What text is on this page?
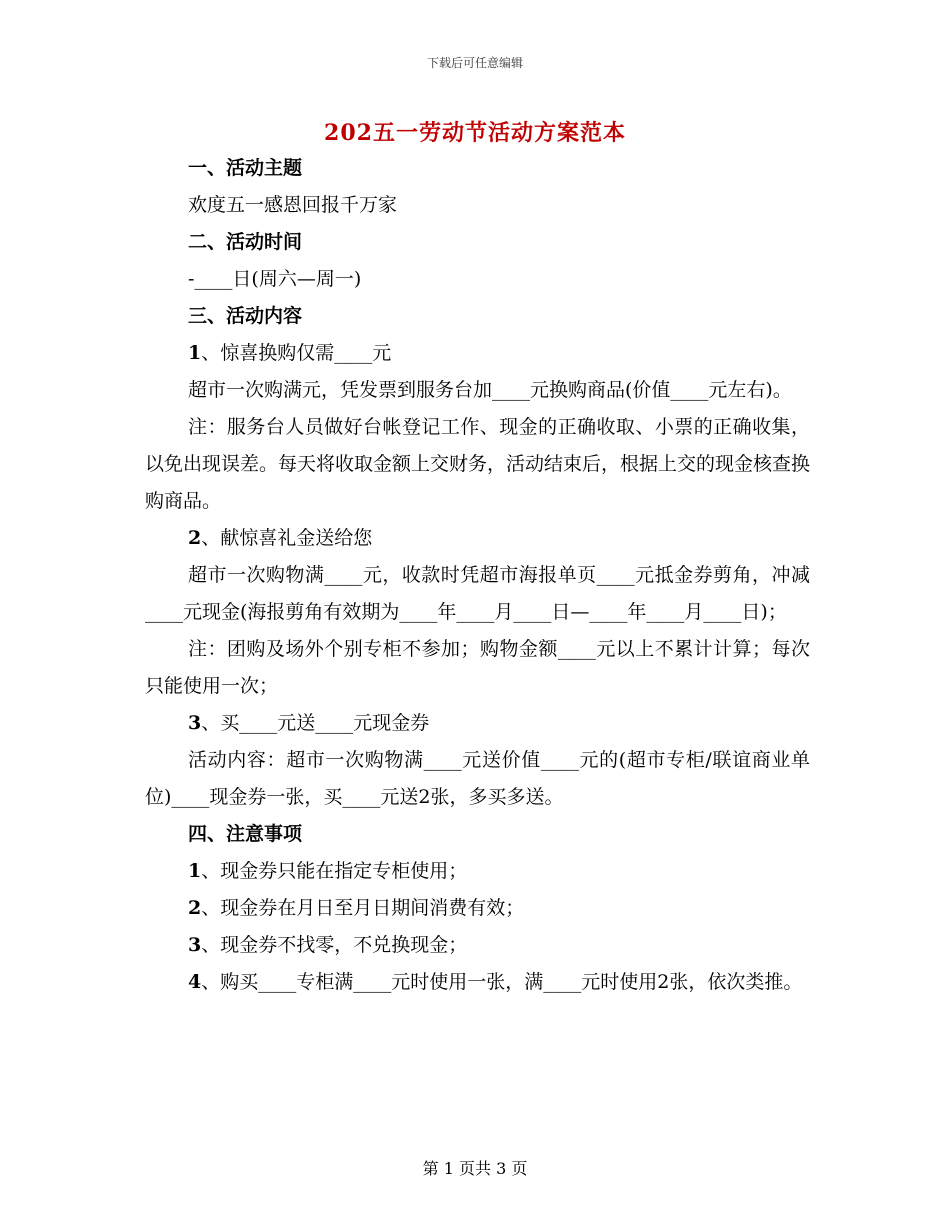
下载后可任意编辑
202五一劳动节活动方案范本

一、活动主题

欢度五一感恩回报千万家

二、活动时间

-____日(周六—周一)

三、活动内容

1、惊喜换购仅需____元

超市一次购满元，凭发票到服务台加____元换购商品(价值____元左右)。

注：服务台人员做好台帐登记工作、现金的正确收取、小票的正确收集，以免出现误差。每天将收取金额上交财务，活动结束后，根据上交的现金核查换购商品。

2、献惊喜礼金送给您

超市一次购物满____元，收款时凭超市海报单页____元抵金券剪角，冲减____元现金(海报剪角有效期为____年____月____日—____年____月____日)；

注：团购及场外个别专柜不参加；购物金额____元以上不累计计算；每次只能使用一次；

3、买____元送____元现金券

活动内容：超市一次购物满____元送价值____元的(超市专柜/联谊商业单位)____现金券一张，买____元送2张，多买多送。

四、注意事项

1、现金券只能在指定专柜使用；

2、现金券在月日至月日期间消费有效；

3、现金券不找零，不兑换现金；

4、购买____专柜满____元时使用一张，满____元时使用2张，依次类推。

第 1 页共 3 页
